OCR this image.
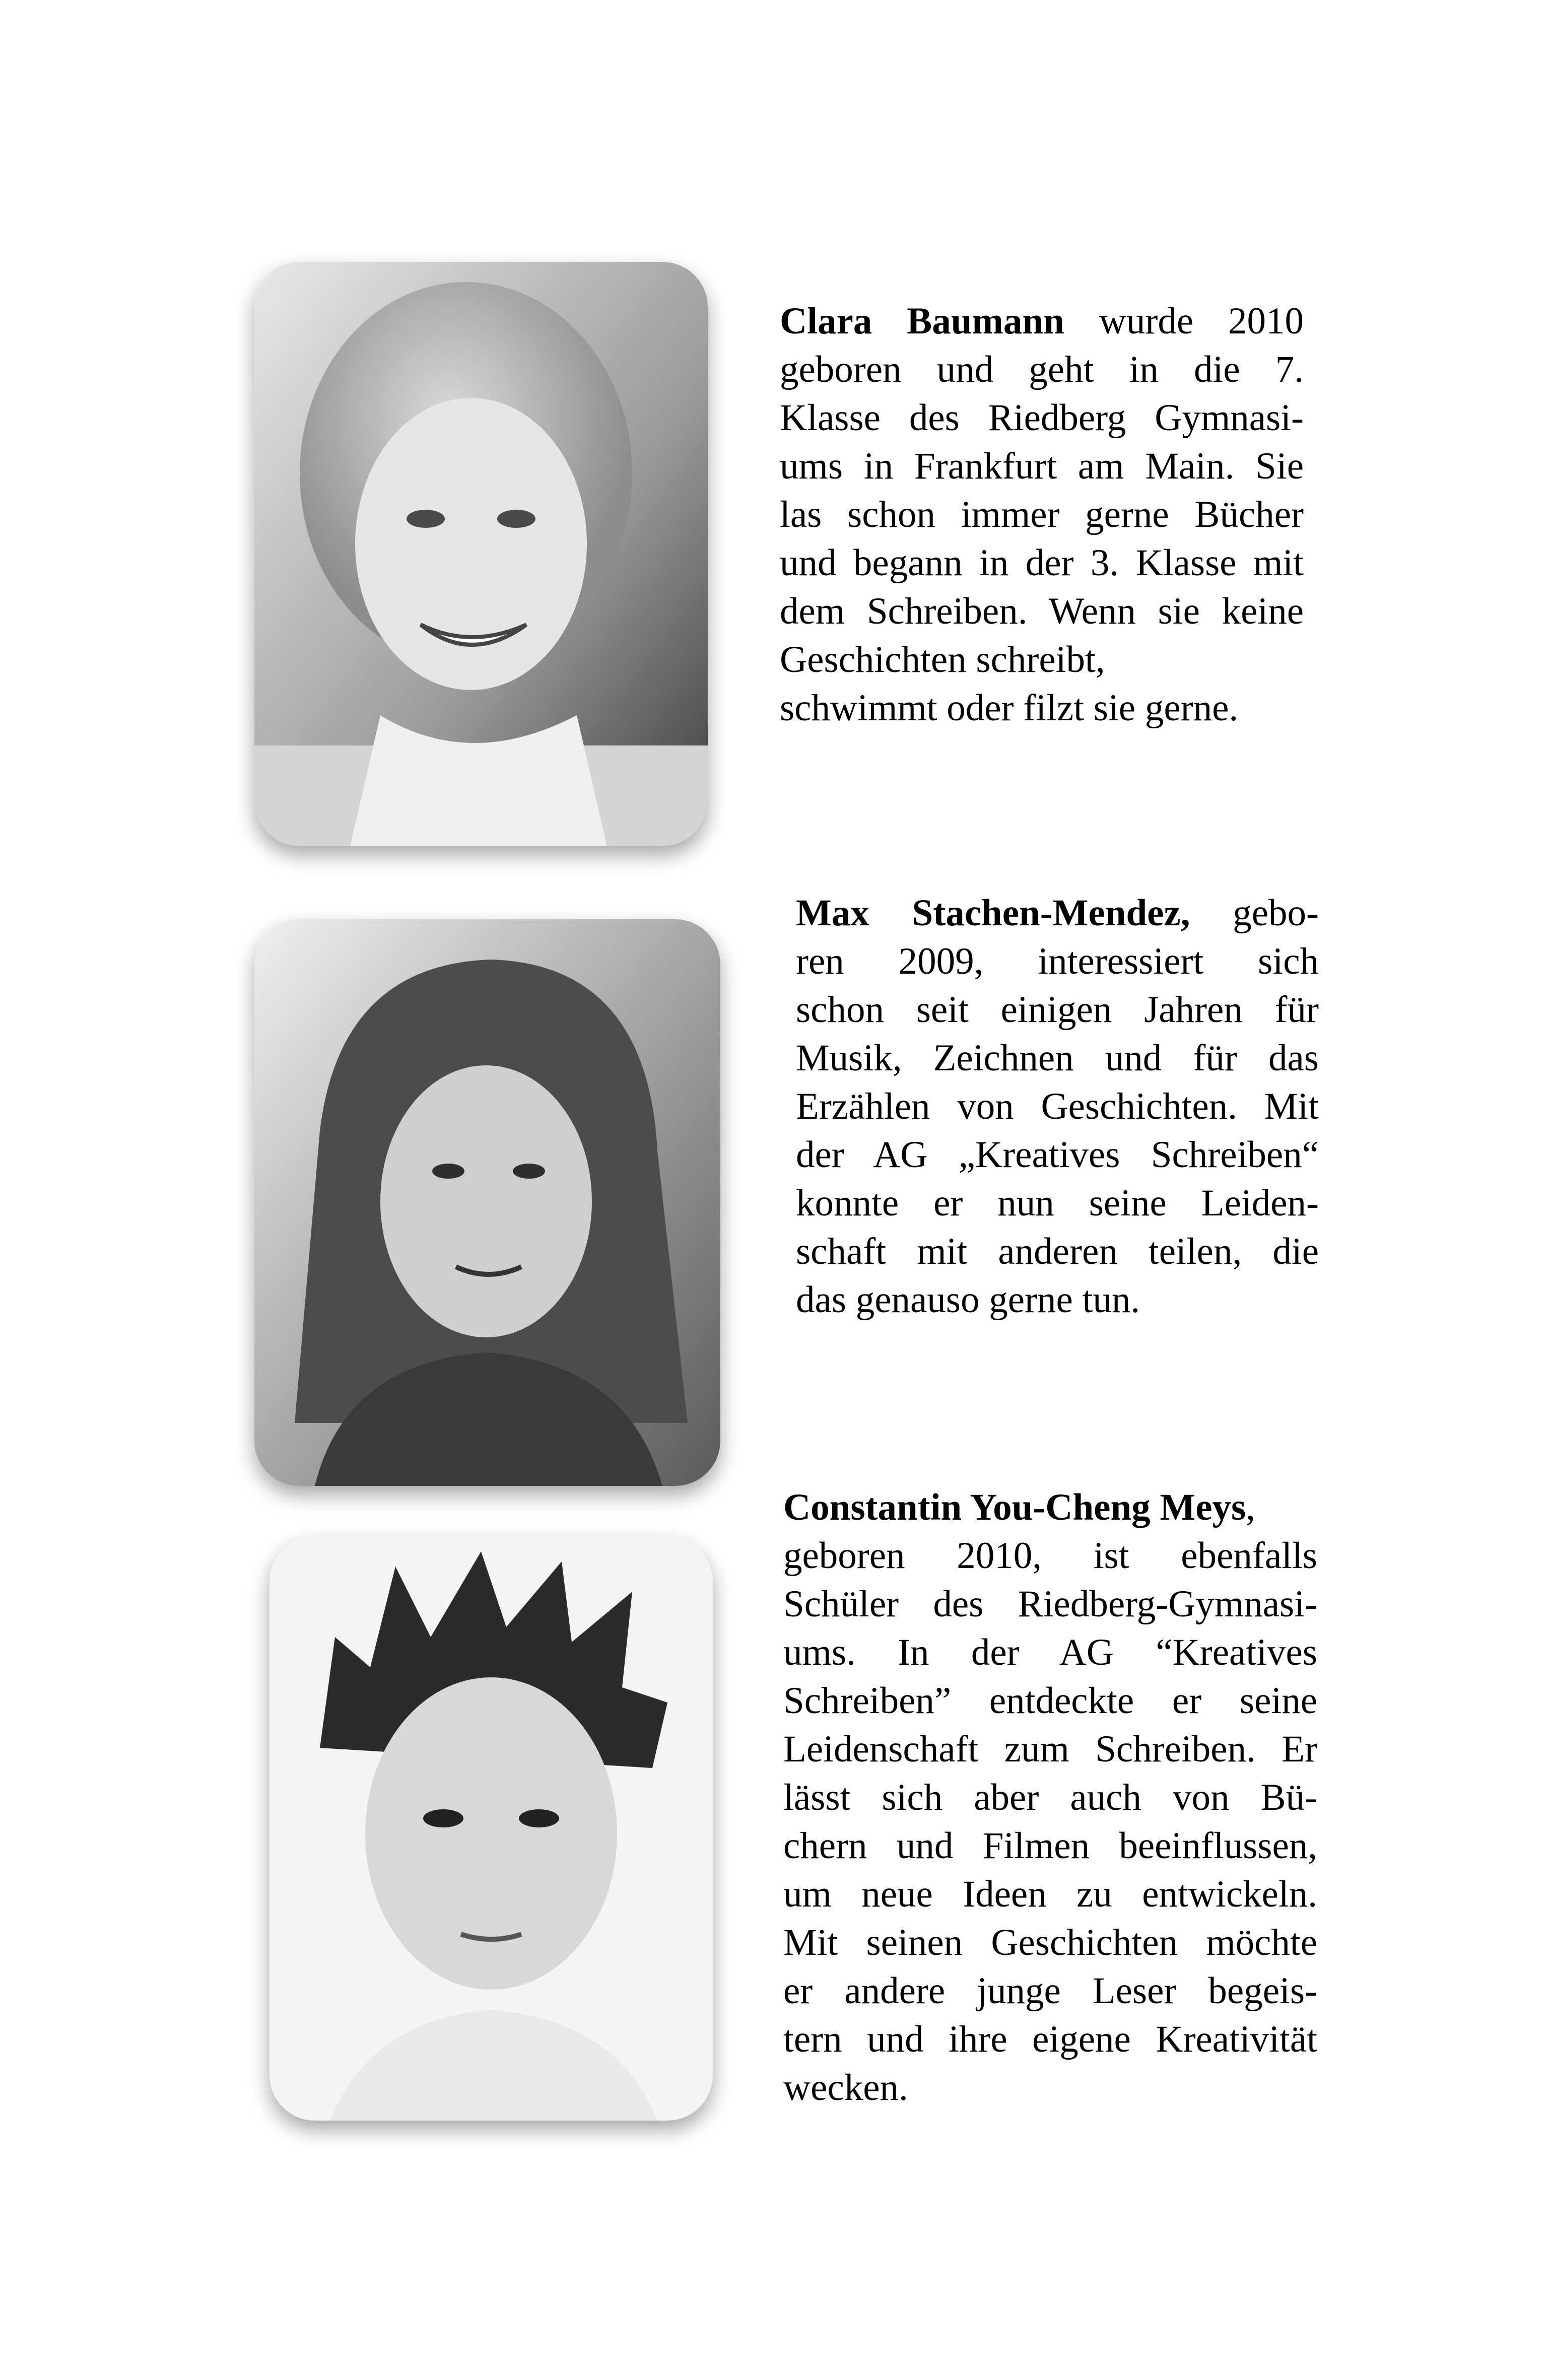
Clara Baumann wurde 2010
geboren und geht in die 7.
Klasse des Riedberg Gymnasi-
ums in Frankfurt am Main. Sie
las schon immer gerne Bücher
und begann in der 3. Klasse mit
dem Schreiben. Wenn sie keine
Geschichten schreibt,
schwimmt oder filzt sie gerne.
Max Stachen-Mendez, gebo-
ren 2009, interessiert sich
schon seit einigen Jahren für
Musik, Zeichnen und für das
Erzählen von Geschichten. Mit
der AG „Kreatives Schreiben“
konnte er nun seine Leiden-
schaft mit anderen teilen, die
das genauso gerne tun.
Constantin You-Cheng Meys,
geboren 2010, ist ebenfalls
Schüler des Riedberg-Gymnasi-
ums. In der AG “Kreatives
Schreiben” entdeckte er seine
Leidenschaft zum Schreiben. Er
lässt sich aber auch von Bü-
chern und Filmen beeinflussen,
um neue Ideen zu entwickeln.
Mit seinen Geschichten möchte
er andere junge Leser begeis-
tern und ihre eigene Kreativität
wecken.
